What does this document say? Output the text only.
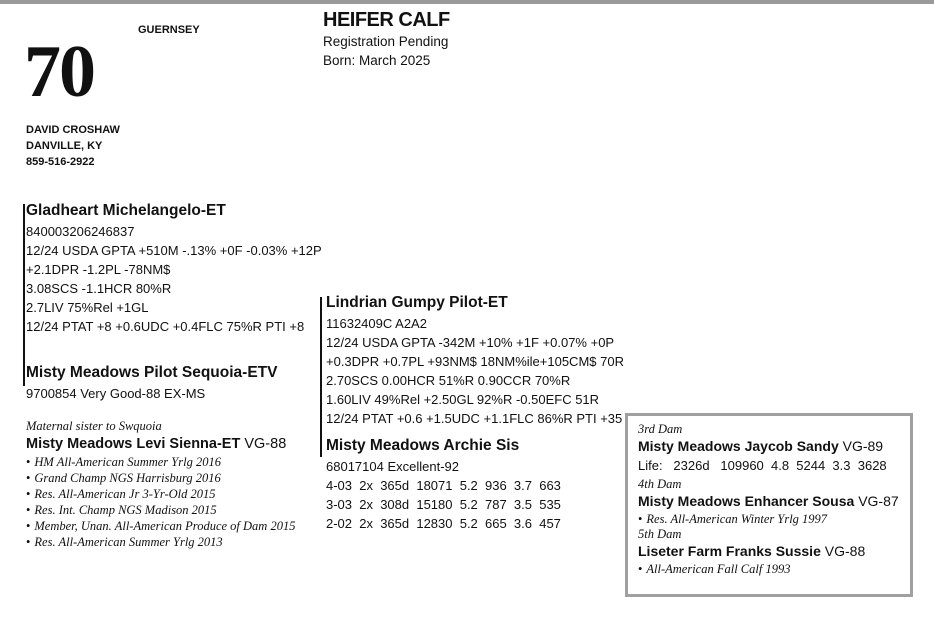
70
GUERNSEY
DAVID CROSHAW
DANVILLE, KY
859-516-2922
HEIFER CALF
Registration Pending
Born: March 2025
Gladheart Michelangelo-ET
840003206246837
12/24 USDA GPTA +510M -.13% +0F -0.03% +12P
+2.1DPR -1.2PL -78NM$
3.08SCS -1.1HCR 80%R
2.7LIV 75%Rel +1GL
12/24 PTAT +8 +0.6UDC +0.4FLC 75%R PTI +8
Misty Meadows Pilot Sequoia-ETV
9700854 Very Good-88 EX-MS
Maternal sister to Swquoia
Misty Meadows Levi Sienna-ET VG-88
• HM All-American Summer Yrlg 2016
• Grand Champ NGS Harrisburg 2016
• Res. All-American Jr 3-Yr-Old 2015
• Res. Int. Champ NGS Madison 2015
• Member, Unan. All-American Produce of Dam 2015
• Res. All-American Summer Yrlg 2013
Lindrian Gumpy Pilot-ET
11632409C A2A2
12/24 USDA GPTA -342M +10% +1F +0.07% +0P
+0.3DPR +0.7PL +93NM$ 18NM%ile+105CM$ 70R
2.70SCS 0.00HCR 51%R 0.90CCR 70%R
1.60LIV 49%Rel +2.50GL 92%R -0.50EFC 51R
12/24 PTAT +0.6 +1.5UDC +1.1FLC 86%R PTI +35
Misty Meadows Archie Sis
68017104 Excellent-92
4-03  2x  365d  18071  5.2  936  3.7  663
3-03  2x  308d  15180  5.2  787  3.5  535
2-02  2x  365d  12830  5.2  665  3.6  457
3rd Dam
Misty Meadows Jaycob Sandy VG-89
Life:   2326d   109960  4.8  5244  3.3  3628
4th Dam
Misty Meadows Enhancer Sousa VG-87
• Res. All-American Winter Yrlg 1997
5th Dam
Liseter Farm Franks Sussie VG-88
• All-American Fall Calf 1993
